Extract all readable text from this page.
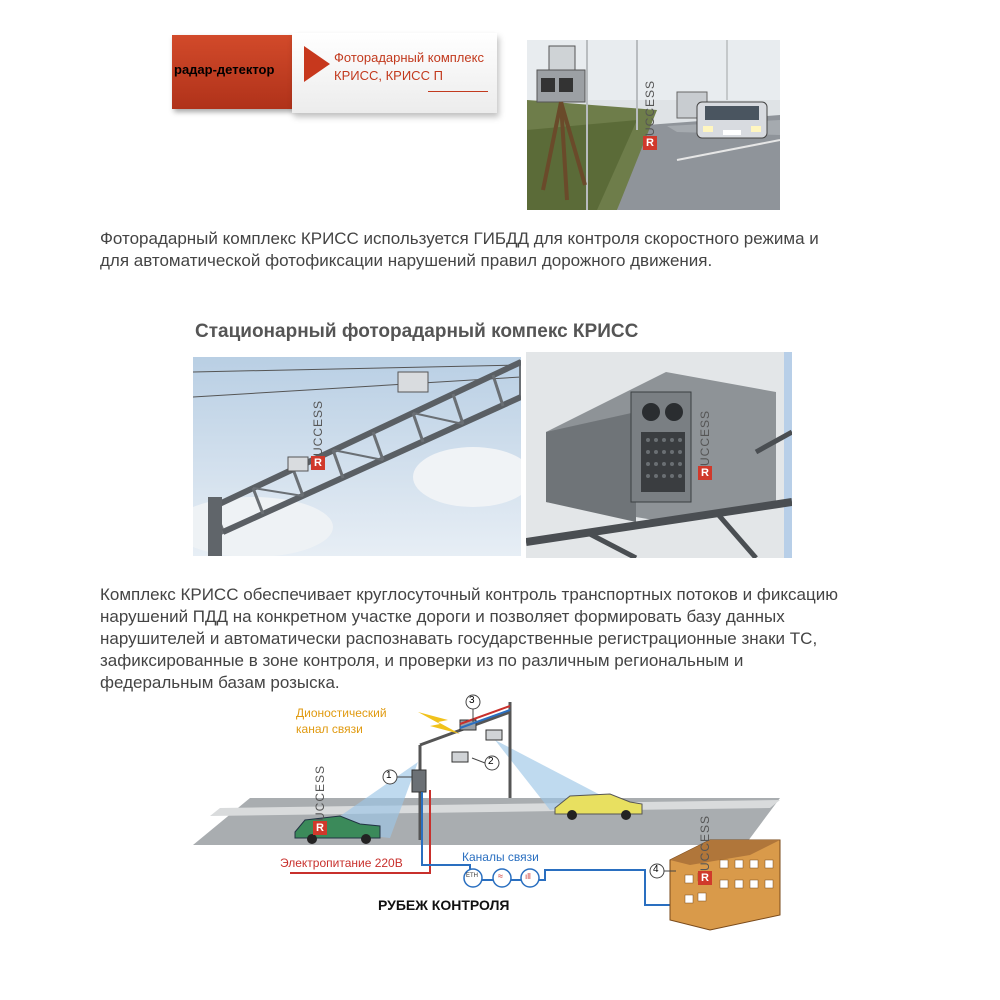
радар-детектор
Фоторадарный комплекс
КРИСС, КРИСС П
UCCESS
R
Фоторадарный комплекс КРИСС используется ГИБДД для контроля скоростного режима и
для автоматической фотофиксации нарушений правил дорожного движения.
Стационарный фоторадарный компекс КРИСС
UCCESS
R	UCCESS
R
Комплекс КРИСС обеспечивает круглосуточный контроль транспортных потоков и фиксацию
нарушений ПДД на конкретном участке дороги и позволяет формировать базу данных
нарушителей и автоматически распознавать государственные регистрационные знаки ТС,
зафиксированные в зоне контроля, и проверки из по различным региональным и
федеральным базам розыска.
1
2
3
4
ETH ≈	ıll
Дионостический
канал связи
Электропитание 220В	Каналы связи
РУБЕЖ КОНТРОЛЯ
UCCESS
R	UCCESS
R
